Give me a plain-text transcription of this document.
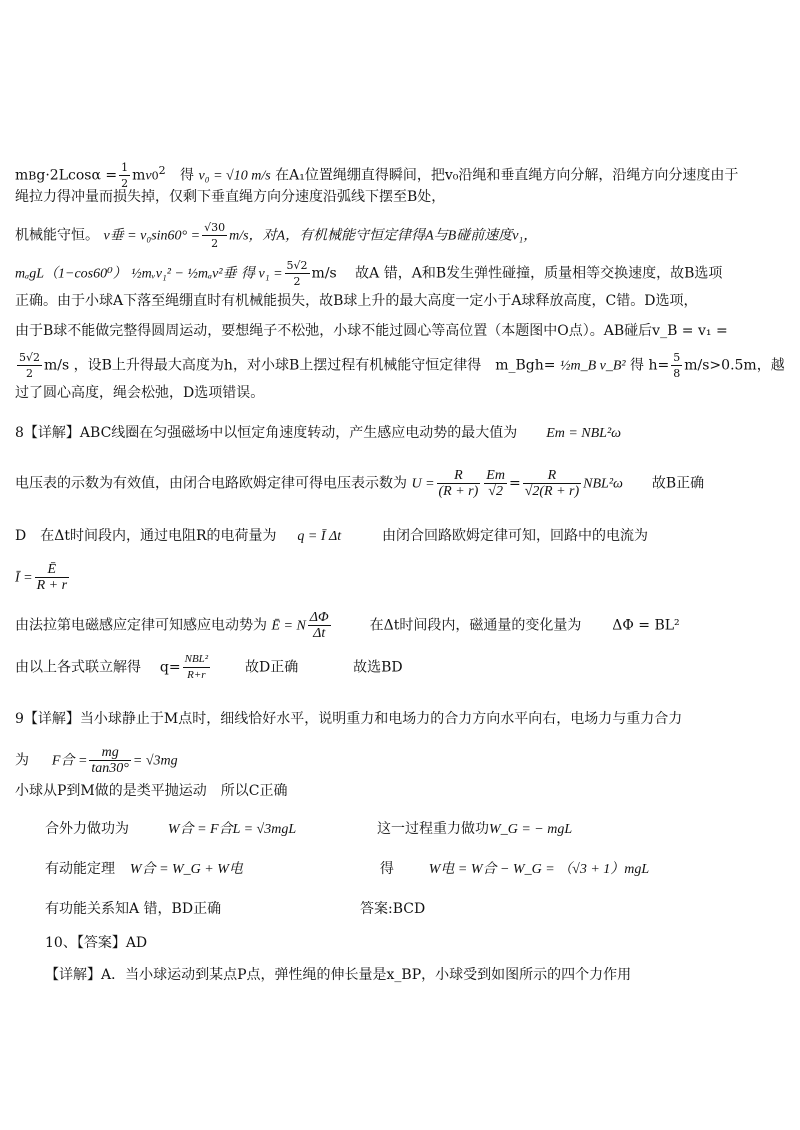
$mBg\cdot 2Lcos\alpha = \frac{1}{2} mv0^2$ 得 v₀ = √10 m/s 在A₁位置绳绷直得瞬间，把v₀沿绳和垂直绳方向分解，沿绳方向分速度由于
绳拉力得冲量而损失掉，仅剩下垂直绳方向分速度沿弧线下摆至B处，
机械能守恒。 v垂 = $v_0\sin 60^\circ = \frac{√30}{2} m/s$，对A，有机械能守恒定律得A与B碰前速度v₁，
mₐgL（1−cos60⁰） ½mᵥv₁² − ½mₐv²垂 得 $v_1 = \frac{5√2}{2} m/s$　 故A 错，A和B发生弹性碰撞，质量相等交换速度，故B选项
正确。由于小球A下落至绳绷直时有机械能损失，故B球上升的最大高度一定小于A球释放高度，C错。D选项，
由于B球不能做完整得圆周运动，要想绳子不松弛，小球不能过圆心等高位置（本题图中O点）。AB碰后v_B = v₁ =
$\frac{5√2}{2} m/s$ ，设B上升得最大高度为h，对小球B上摆过程有机械能守恒定律得　m_Bgh= ½m_B v_B² 得 $h= \frac{5}{8} m/s>0.5m$，越
过了圆心高度，绳会松弛，D选项错误。
8【详解】ABC线圈在匀强磁场中以恒定角速度转动，产生感应电动势的最大值为 Em = NBL²ω
电压表的示数为有效值，由闭合电路欧姆定律可得电压表示数为 $U = \frac{R}{(R + r)} \frac{Em}{√2} = \frac{R}{√2(R + r)} NBL^2\omega$ 故B正确
D　在Δt时间段内，通过电阻R的电荷量为 q = Ī Δt	由闭合回路欧姆定律可知，回路中的电流为
Ī = $\frac{Ē}{R + r}$
由法拉第电磁感应定律可知感应电动势为 Ē = N $\frac{\Delta\Phi}{\Delta t}$	在Δt时间段内，磁通量的变化量为 ΔΦ = BL²
由以上各式联立解得 $q= \frac{\text{NBL²}}{R+r}$ 故D正确	故选BD
9【详解】当小球静止于M点时，细线恰好水平，说明重力和电场力的合力方向水平向右，电场力与重力合力
为 F合 = $\frac{mg}{\tan 30^\circ} = √3mg$
小球从P到M做的是类平抛运动　所以C正确
合外力做功为	W合 = F合L = √3mgL	这一过程重力做功W_G = − mgL
有动能定理 W合 = W_G + W电	得 W电 = W合 − W_G = （√3 + 1）mgL
有功能关系知A 错，BD正确	答案:BCD
10、【答案】AD
【详解】A．当小球运动到某点P点，弹性绳的伸长量是x_BP，小球受到如图所示的四个力作用
